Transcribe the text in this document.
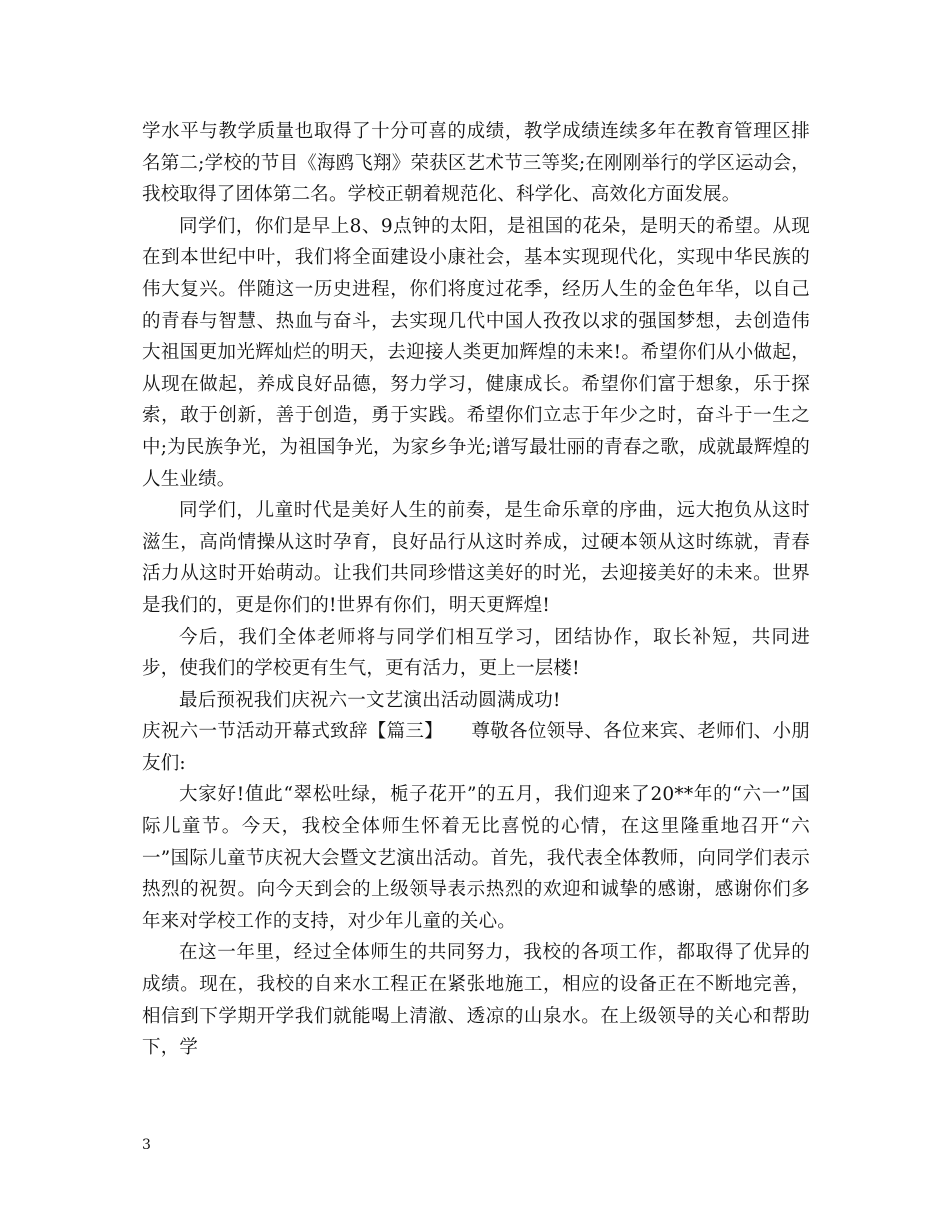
学水平与教学质量也取得了十分可喜的成绩，教学成绩连续多年在教育管理区排名第二;学校的节目《海鸥飞翔》荣获区艺术节三等奖;在刚刚举行的学区运动会，我校取得了团体第二名。学校正朝着规范化、科学化、高效化方面发展。

同学们，你们是早上8、9点钟的太阳，是祖国的花朵，是明天的希望。从现在到本世纪中叶，我们将全面建设小康社会，基本实现现代化，实现中华民族的伟大复兴。伴随这一历史进程，你们将度过花季，经历人生的金色年华，以自己的青春与智慧、热血与奋斗，去实现几代中国人孜孜以求的强国梦想，去创造伟大祖国更加光辉灿烂的明天，去迎接人类更加辉煌的未来!。希望你们从小做起，从现在做起，养成良好品德，努力学习，健康成长。希望你们富于想象，乐于探索，敢于创新，善于创造，勇于实践。希望你们立志于年少之时，奋斗于一生之中;为民族争光，为祖国争光，为家乡争光;谱写最壮丽的青春之歌，成就最辉煌的人生业绩。

同学们，儿童时代是美好人生的前奏，是生命乐章的序曲，远大抱负从这时滋生，高尚情操从这时孕育，良好品行从这时养成，过硬本领从这时练就，青春活力从这时开始萌动。让我们共同珍惜这美好的时光，去迎接美好的未来。世界是我们的，更是你们的!世界有你们，明天更辉煌!

今后，我们全体老师将与同学们相互学习，团结协作，取长补短，共同进步，使我们的学校更有生气，更有活力，更上一层楼!

最后预祝我们庆祝六一文艺演出活动圆满成功!

庆祝六一节活动开幕式致辞【篇三】　　尊敬各位领导、各位来宾、老师们、小朋友们:

大家好!值此“翠松吐绿，栀子花开”的五月，我们迎来了20**年的“六一”国际儿童节。今天，我校全体师生怀着无比喜悦的心情，在这里隆重地召开“六一”国际儿童节庆祝大会暨文艺演出活动。首先，我代表全体教师，向同学们表示热烈的祝贺。向今天到会的上级领导表示热烈的欢迎和诚挚的感谢，感谢你们多年来对学校工作的支持，对少年儿童的关心。

在这一年里，经过全体师生的共同努力，我校的各项工作，都取得了优异的成绩。现在，我校的自来水工程正在紧张地施工，相应的设备正在不断地完善，相信到下学期开学我们就能喝上清澈、透凉的山泉水。在上级领导的关心和帮助下，学

3
